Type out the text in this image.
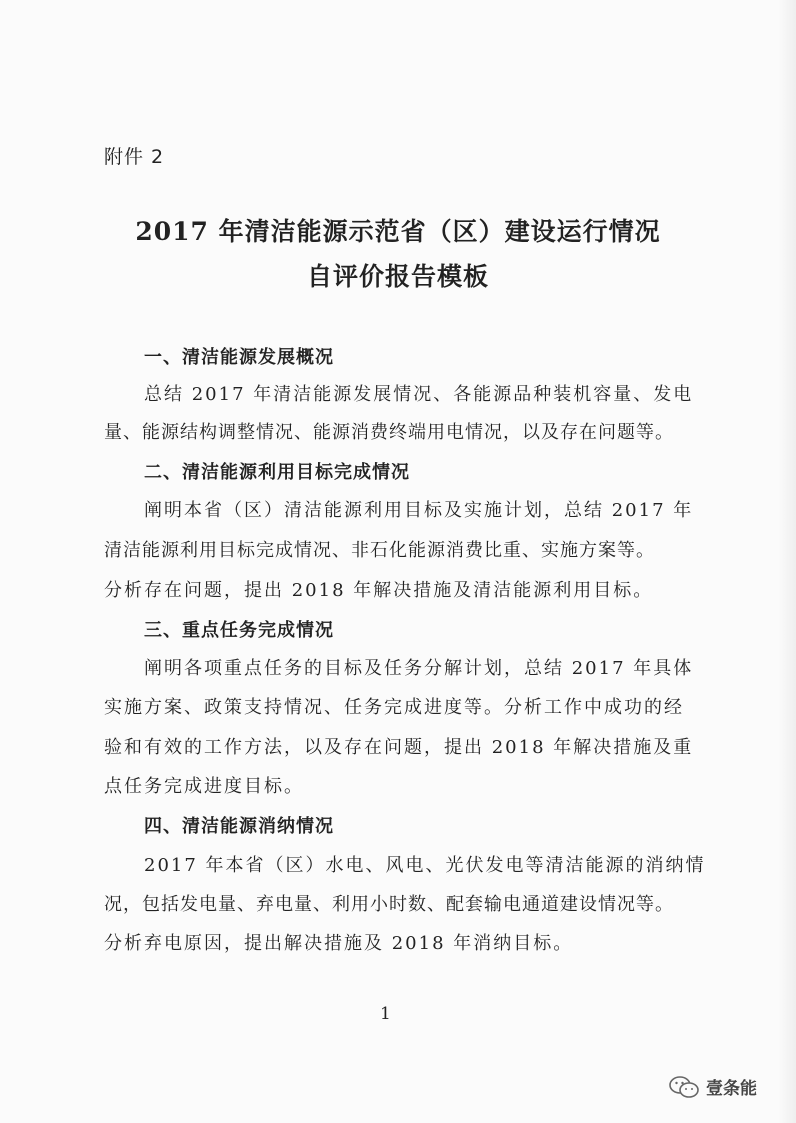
附件 2
2017 年清洁能源示范省（区）建设运行情况
自评价报告模板
一、清洁能源发展概况
总结 2017 年清洁能源发展情况、各能源品种装机容量、发电
量、能源结构调整情况、能源消费终端用电情况，以及存在问题等。
二、清洁能源利用目标完成情况
阐明本省（区）清洁能源利用目标及实施计划，总结 2017 年
清洁能源利用目标完成情况、非石化能源消费比重、实施方案等。
分析存在问题，提出 2018 年解决措施及清洁能源利用目标。
三、重点任务完成情况
阐明各项重点任务的目标及任务分解计划，总结 2017 年具体
实施方案、政策支持情况、任务完成进度等。分析工作中成功的经
验和有效的工作方法，以及存在问题，提出 2018 年解决措施及重
点任务完成进度目标。
四、清洁能源消纳情况
2017 年本省（区）水电、风电、光伏发电等清洁能源的消纳情
况，包括发电量、弃电量、利用小时数、配套输电通道建设情况等。
分析弃电原因，提出解决措施及 2018 年消纳目标。
1
壹条能
